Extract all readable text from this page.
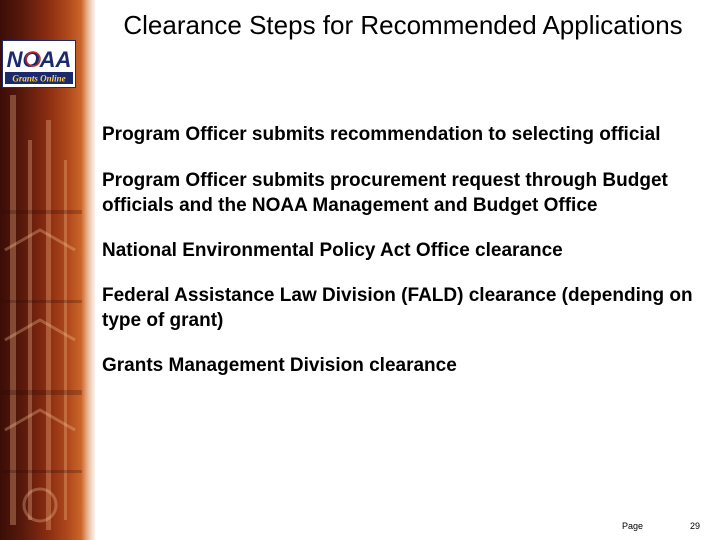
NOAA
Grants Online
Clearance Steps for Recommended Applications
Program Officer submits recommendation to selecting official
Program Officer submits procurement request through Budget officials and the NOAA Management and Budget Office
National Environmental Policy Act Office clearance
Federal Assistance Law Division (FALD) clearance (depending on type of grant)
Grants Management Division clearance
Page	29
